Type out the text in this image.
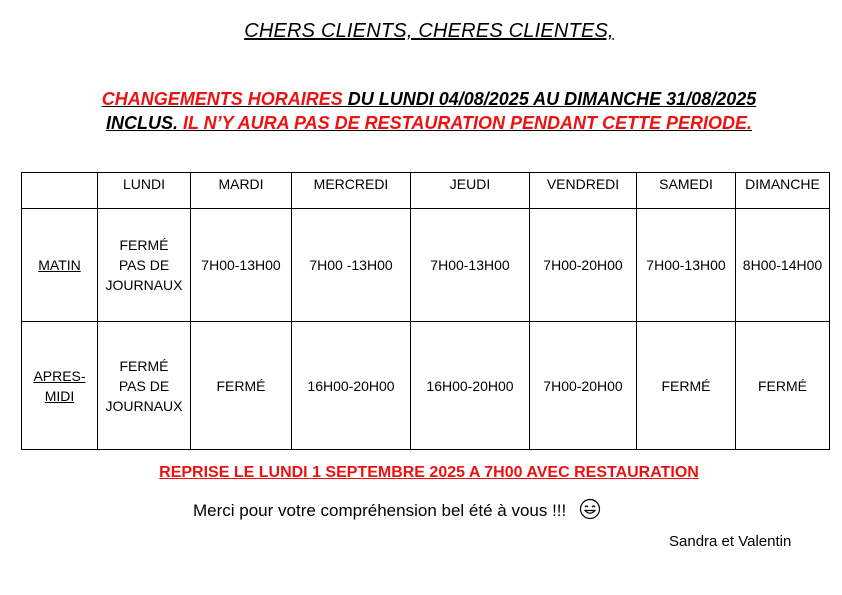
CHERS CLIENTS, CHERES CLIENTES,
CHANGEMENTS HORAIRES DU LUNDI 04/08/2025 AU DIMANCHE 31/08/2025
INCLUS. IL N’Y AURA PAS DE RESTAURATION PENDANT CETTE PERIODE.
	LUNDI	MARDI	MERCREDI	JEUDI	VENDREDI	SAMEDI	DIMANCHE
MATIN	FERMÉ
PAS DE
JOURNAUX	7H00-13H00	7H00 -13H00	7H00-13H00	7H00-20H00	7H00-13H00	8H00-14H00
APRES-
MIDI	FERMÉ
PAS DE
JOURNAUX	FERMÉ	16H00-20H00	16H00-20H00	7H00-20H00	FERMÉ	FERMÉ
REPRISE LE LUNDI 1 SEPTEMBRE 2025 A 7H00 AVEC RESTAURATION
Merci pour votre compréhension bel été à vous !!!
Sandra et Valentin
